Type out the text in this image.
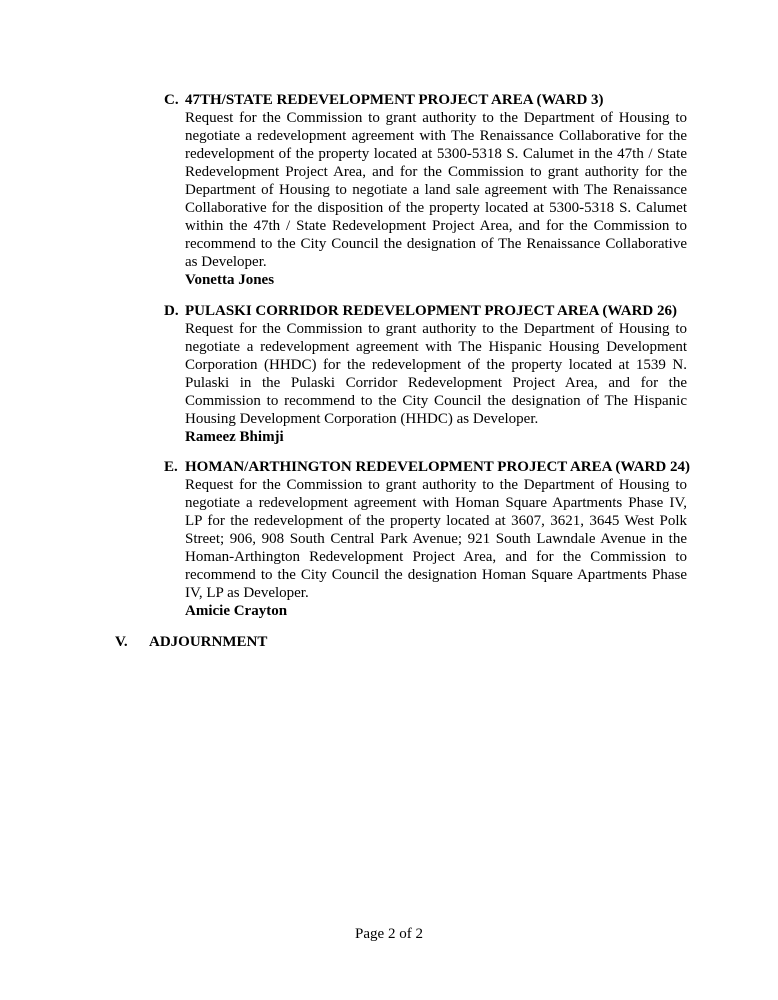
C. 47TH/STATE REDEVELOPMENT PROJECT AREA (WARD 3)
Request for the Commission to grant authority to the Department of Housing to negotiate a redevelopment agreement with The Renaissance Collaborative for the redevelopment of the property located at 5300-5318 S. Calumet in the 47th / State Redevelopment Project Area, and for the Commission to grant authority for the Department of Housing to negotiate a land sale agreement with The Renaissance Collaborative for the disposition of the property located at 5300-5318 S. Calumet within the 47th / State Redevelopment Project Area, and for the Commission to recommend to the City Council the designation of The Renaissance Collaborative as Developer.
Vonetta Jones
D. PULASKI CORRIDOR REDEVELOPMENT PROJECT AREA (WARD 26)
Request for the Commission to grant authority to the Department of Housing to negotiate a redevelopment agreement with The Hispanic Housing Development Corporation (HHDC) for the redevelopment of the property located at 1539 N. Pulaski in the Pulaski Corridor Redevelopment Project Area, and for the Commission to recommend to the City Council the designation of The Hispanic Housing Development Corporation (HHDC) as Developer.
Rameez Bhimji
E. HOMAN/ARTHINGTON REDEVELOPMENT PROJECT AREA (WARD 24)
Request for the Commission to grant authority to the Department of Housing to negotiate a redevelopment agreement with Homan Square Apartments Phase IV, LP for the redevelopment of the property located at 3607, 3621, 3645 West Polk Street; 906, 908 South Central Park Avenue; 921 South Lawndale Avenue in the Homan-Arthington Redevelopment Project Area, and for the Commission to recommend to the City Council the designation Homan Square Apartments Phase IV, LP as Developer.
Amicie Crayton
V. ADJOURNMENT
Page 2 of 2
